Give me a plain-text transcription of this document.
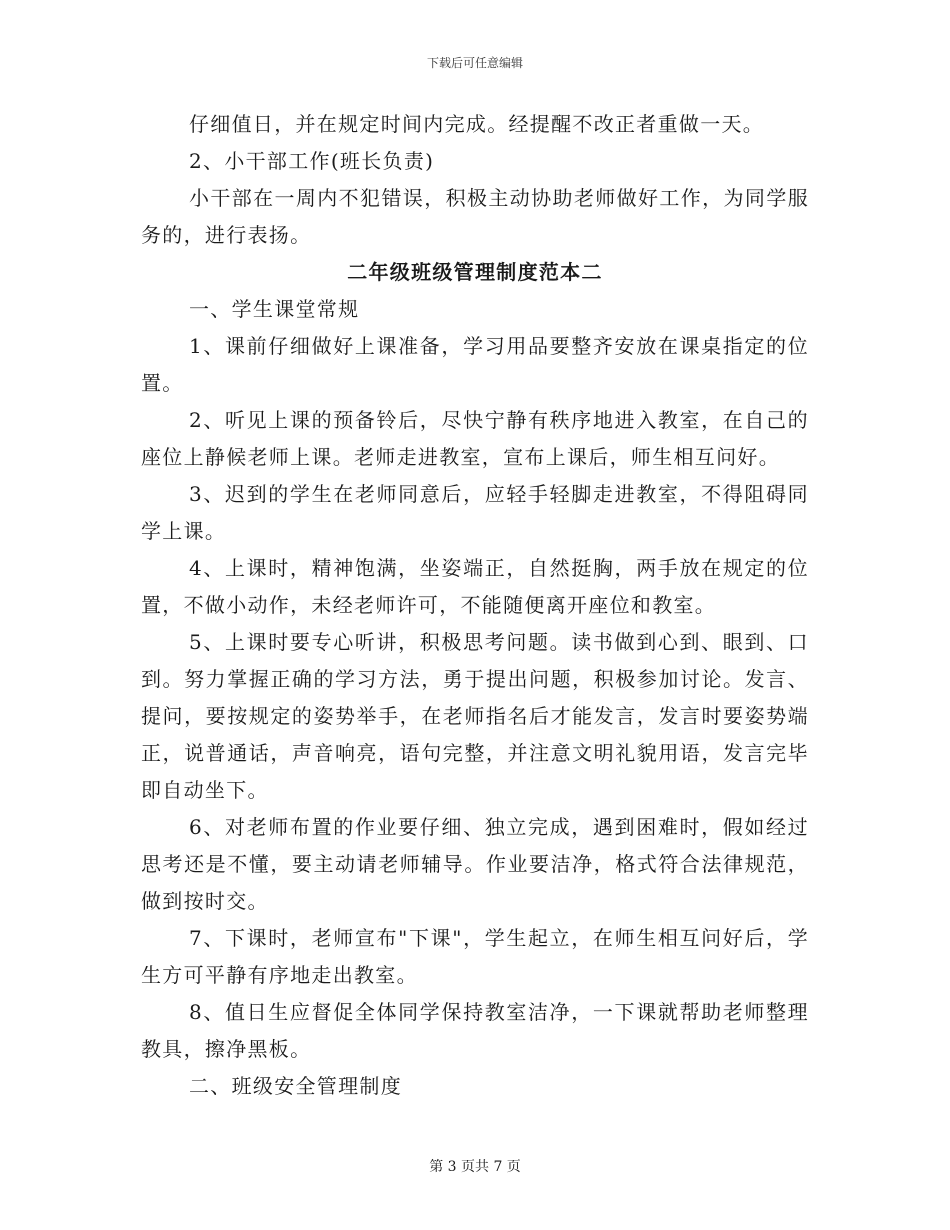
下载后可任意编辑

仔细值日，并在规定时间内完成。经提醒不改正者重做一天。

2、小干部工作(班长负责)

小干部在一周内不犯错误，积极主动协助老师做好工作，为同学服务的，进行表扬。

二年级班级管理制度范本二

一、学生课堂常规

1、课前仔细做好上课准备，学习用品要整齐安放在课桌指定的位置。

2、听见上课的预备铃后，尽快宁静有秩序地进入教室，在自己的座位上静候老师上课。老师走进教室，宣布上课后，师生相互问好。

3、迟到的学生在老师同意后，应轻手轻脚走进教室，不得阻碍同学上课。

4、上课时，精神饱满，坐姿端正，自然挺胸，两手放在规定的位置，不做小动作，未经老师许可，不能随便离开座位和教室。

5、上课时要专心听讲，积极思考问题。读书做到心到、眼到、口到。努力掌握正确的学习方法，勇于提出问题，积极参加讨论。发言、提问，要按规定的姿势举手，在老师指名后才能发言，发言时要姿势端正，说普通话，声音响亮，语句完整，并注意文明礼貌用语，发言完毕即自动坐下。

6、对老师布置的作业要仔细、独立完成，遇到困难时，假如经过思考还是不懂，要主动请老师辅导。作业要洁净，格式符合法律规范，做到按时交。

7、下课时，老师宣布"下课"，学生起立，在师生相互问好后，学生方可平静有序地走出教室。

8、值日生应督促全体同学保持教室洁净，一下课就帮助老师整理教具，擦净黑板。

二、班级安全管理制度

第 3 页共 7 页
